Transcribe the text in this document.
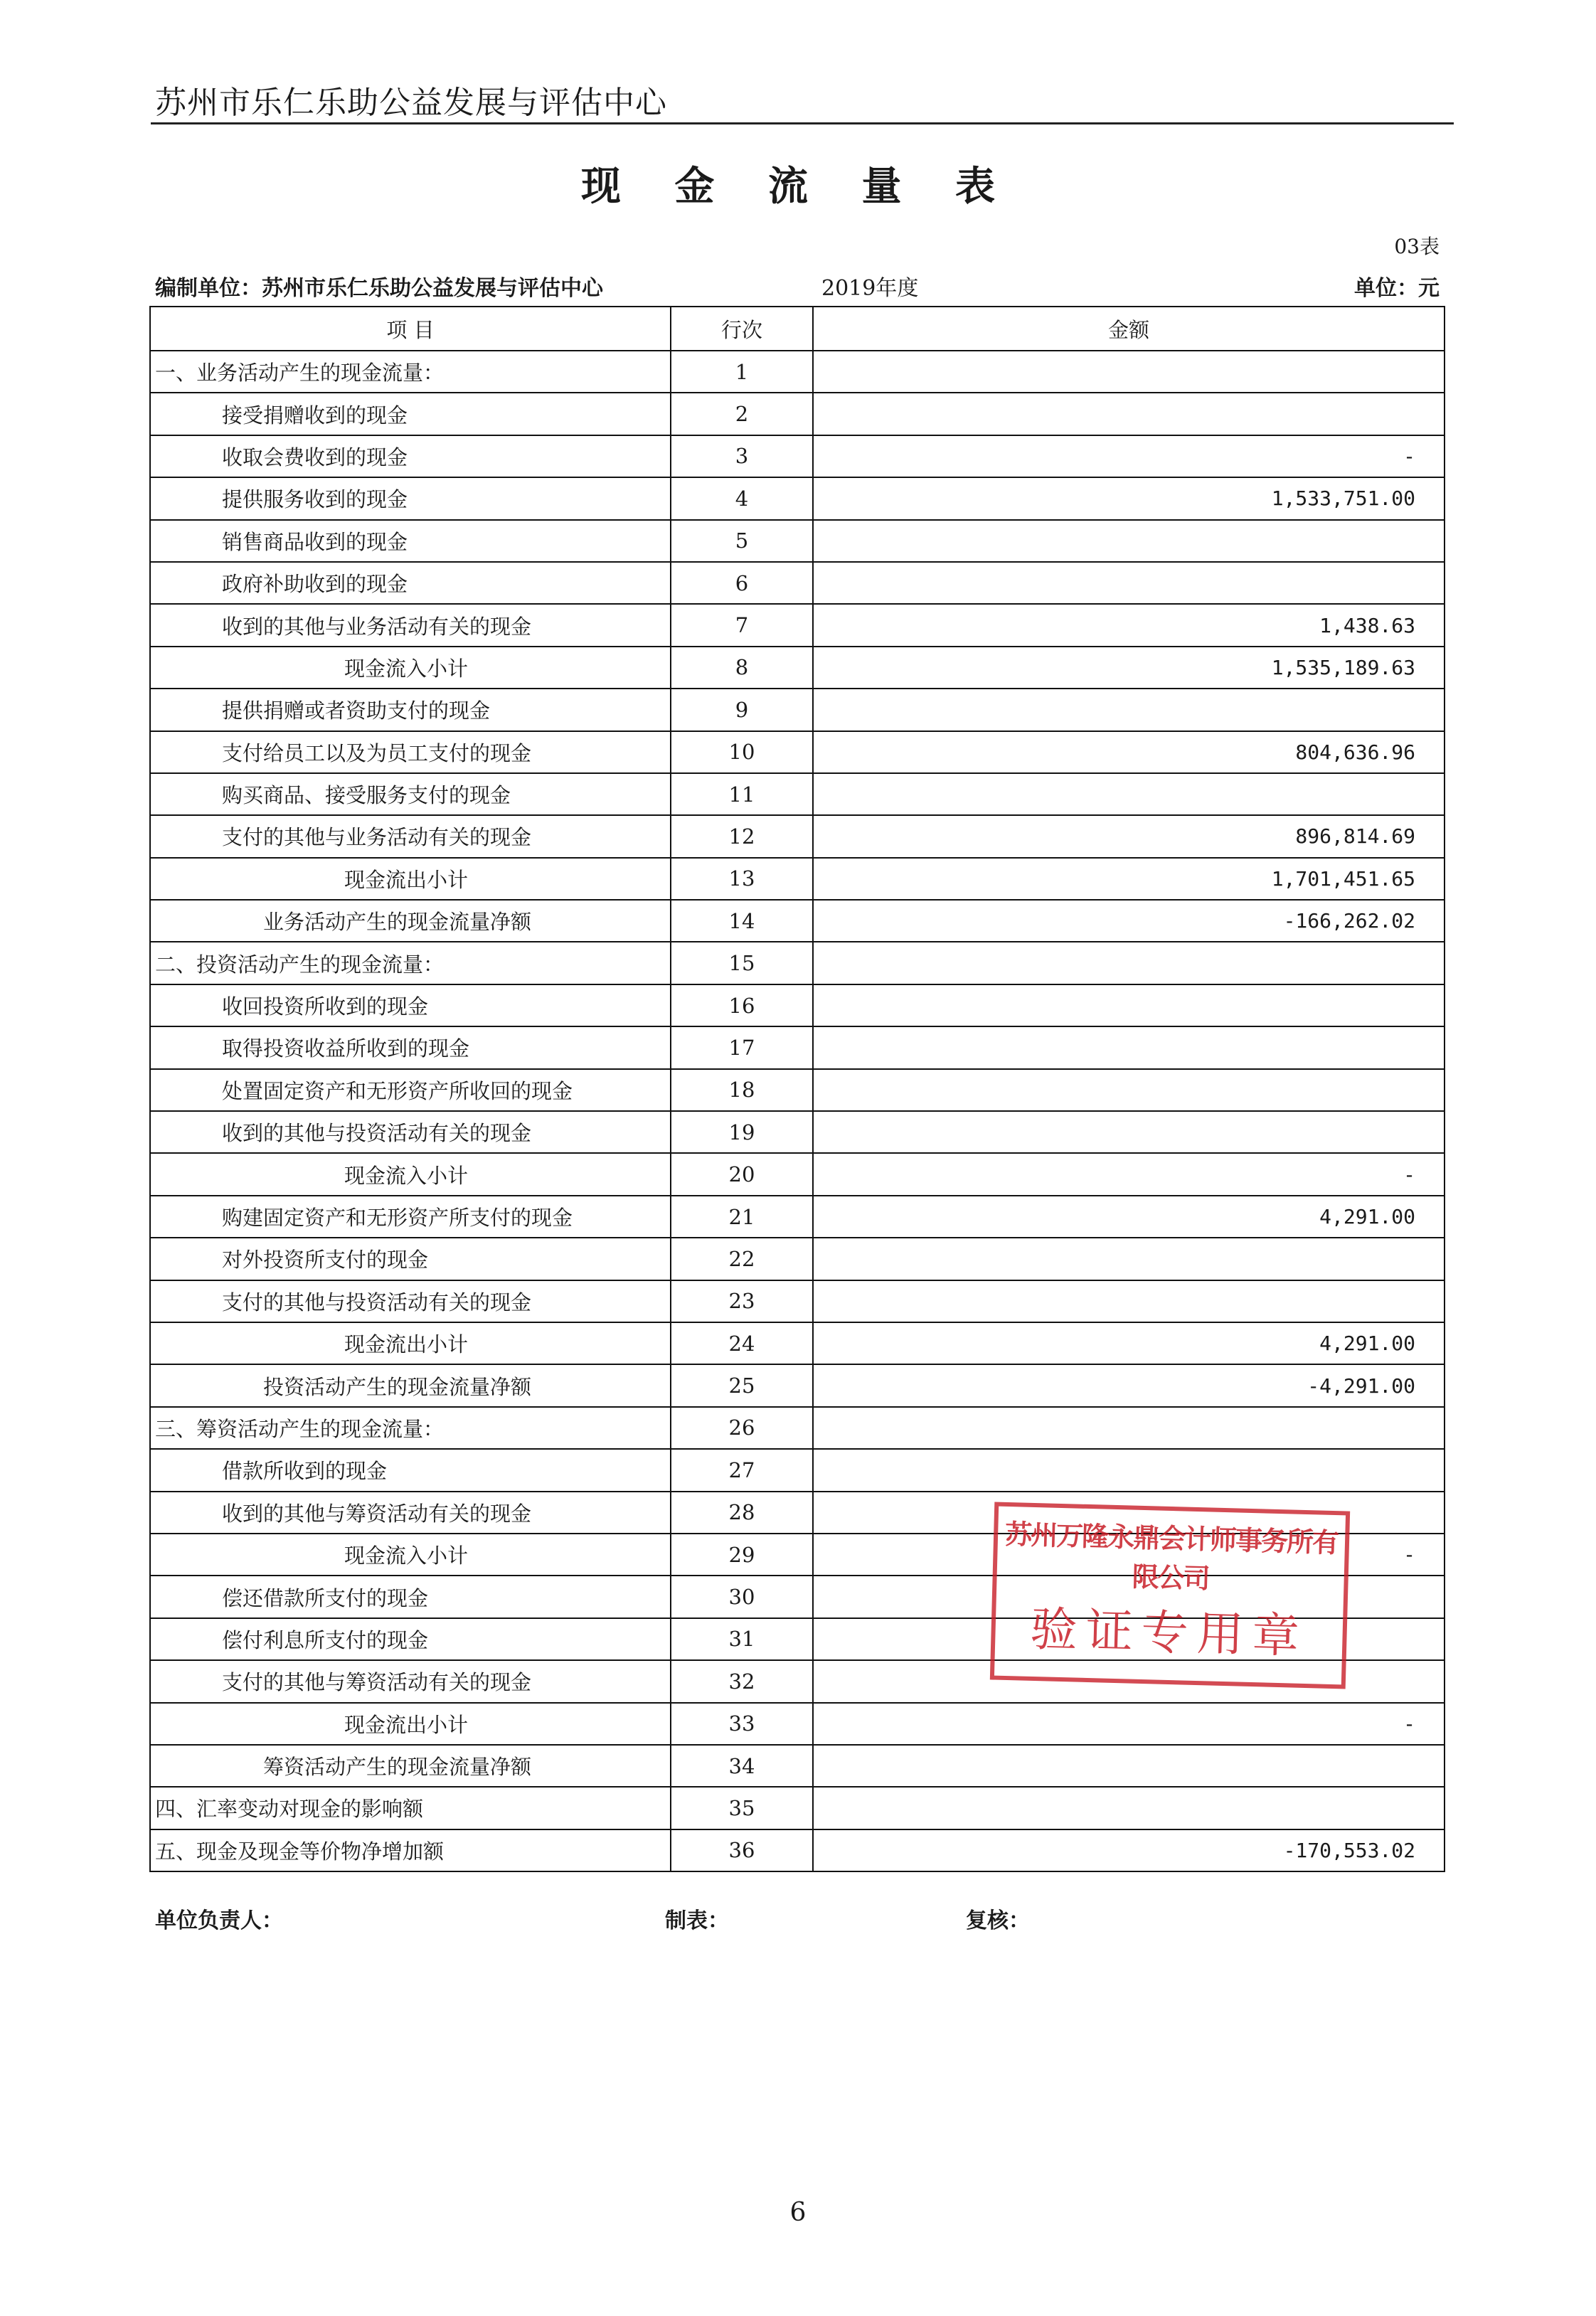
苏州市乐仁乐助公益发展与评估中心
现 金 流 量 表
03表
编制单位：苏州市乐仁乐助公益发展与评估中心	2019年度	单位：元
项 目	行次	金额
一、业务活动产生的现金流量：	1	
接受捐赠收到的现金	2	
收取会费收到的现金	3	-
提供服务收到的现金	4	1,533,751.00
销售商品收到的现金	5	
政府补助收到的现金	6	
收到的其他与业务活动有关的现金	7	1,438.63
现金流入小计	8	1,535,189.63
提供捐赠或者资助支付的现金	9	
支付给员工以及为员工支付的现金	10	804,636.96
购买商品、接受服务支付的现金	11	
支付的其他与业务活动有关的现金	12	896,814.69
现金流出小计	13	1,701,451.65
业务活动产生的现金流量净额	14	-166,262.02
二、投资活动产生的现金流量：	15	
收回投资所收到的现金	16	
取得投资收益所收到的现金	17	
处置固定资产和无形资产所收回的现金	18	
收到的其他与投资活动有关的现金	19	
现金流入小计	20	-
购建固定资产和无形资产所支付的现金	21	4,291.00
对外投资所支付的现金	22	
支付的其他与投资活动有关的现金	23	
现金流出小计	24	4,291.00
投资活动产生的现金流量净额	25	-4,291.00
三、筹资活动产生的现金流量：	26	
借款所收到的现金	27	
收到的其他与筹资活动有关的现金	28	
现金流入小计	29	-
偿还借款所支付的现金	30	
偿付利息所支付的现金	31	
支付的其他与筹资活动有关的现金	32	
现金流出小计	33	-
筹资活动产生的现金流量净额	34	
四、汇率变动对现金的影响额	35	
五、现金及现金等价物净增加额	36	-170,553.02
单位负责人：	制表：	复核：
苏州万隆永鼎会计师事务所有限公司
验证专用章
6
